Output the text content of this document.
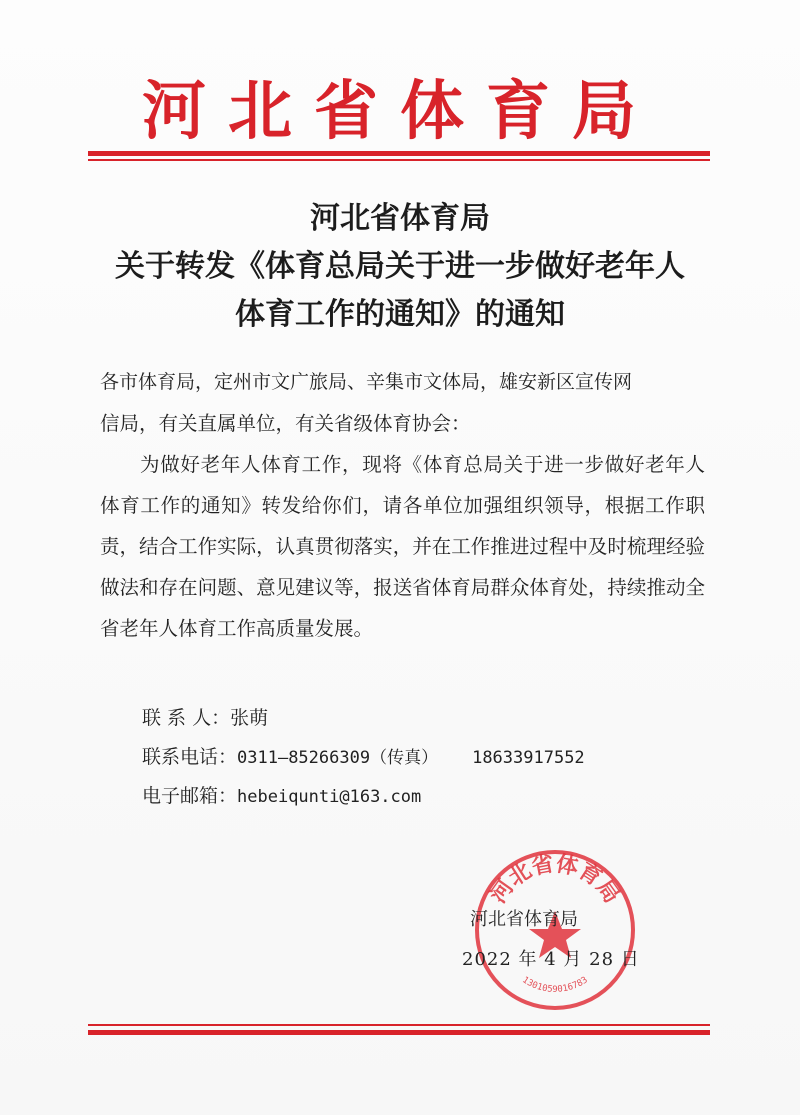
河北省体育局
河北省体育局
关于转发《体育总局关于进一步做好老年人
体育工作的通知》的通知

各市体育局，定州市文广旅局、辛集市文体局，雄安新区宣传网

信局，有关直属单位，有关省级体育协会：

为做好老年人体育工作，现将《体育总局关于进一步做好老年人体育工作的通知》转发给你们，请各单位加强组织领导，根据工作职责，结合工作实际，认真贯彻落实，并在工作推进过程中及时梳理经验做法和存在问题、意见建议等，报送省体育局群众体育处，持续推动全省老年人体育工作高质量发展。

联 系 人：张萌
联系电话：0311—85266309（传真） 18633917552
电子邮箱：hebeiqunti@163.com
河北省体育局
1301059016783
河北省体育局
2022 年 4 月 28 日
